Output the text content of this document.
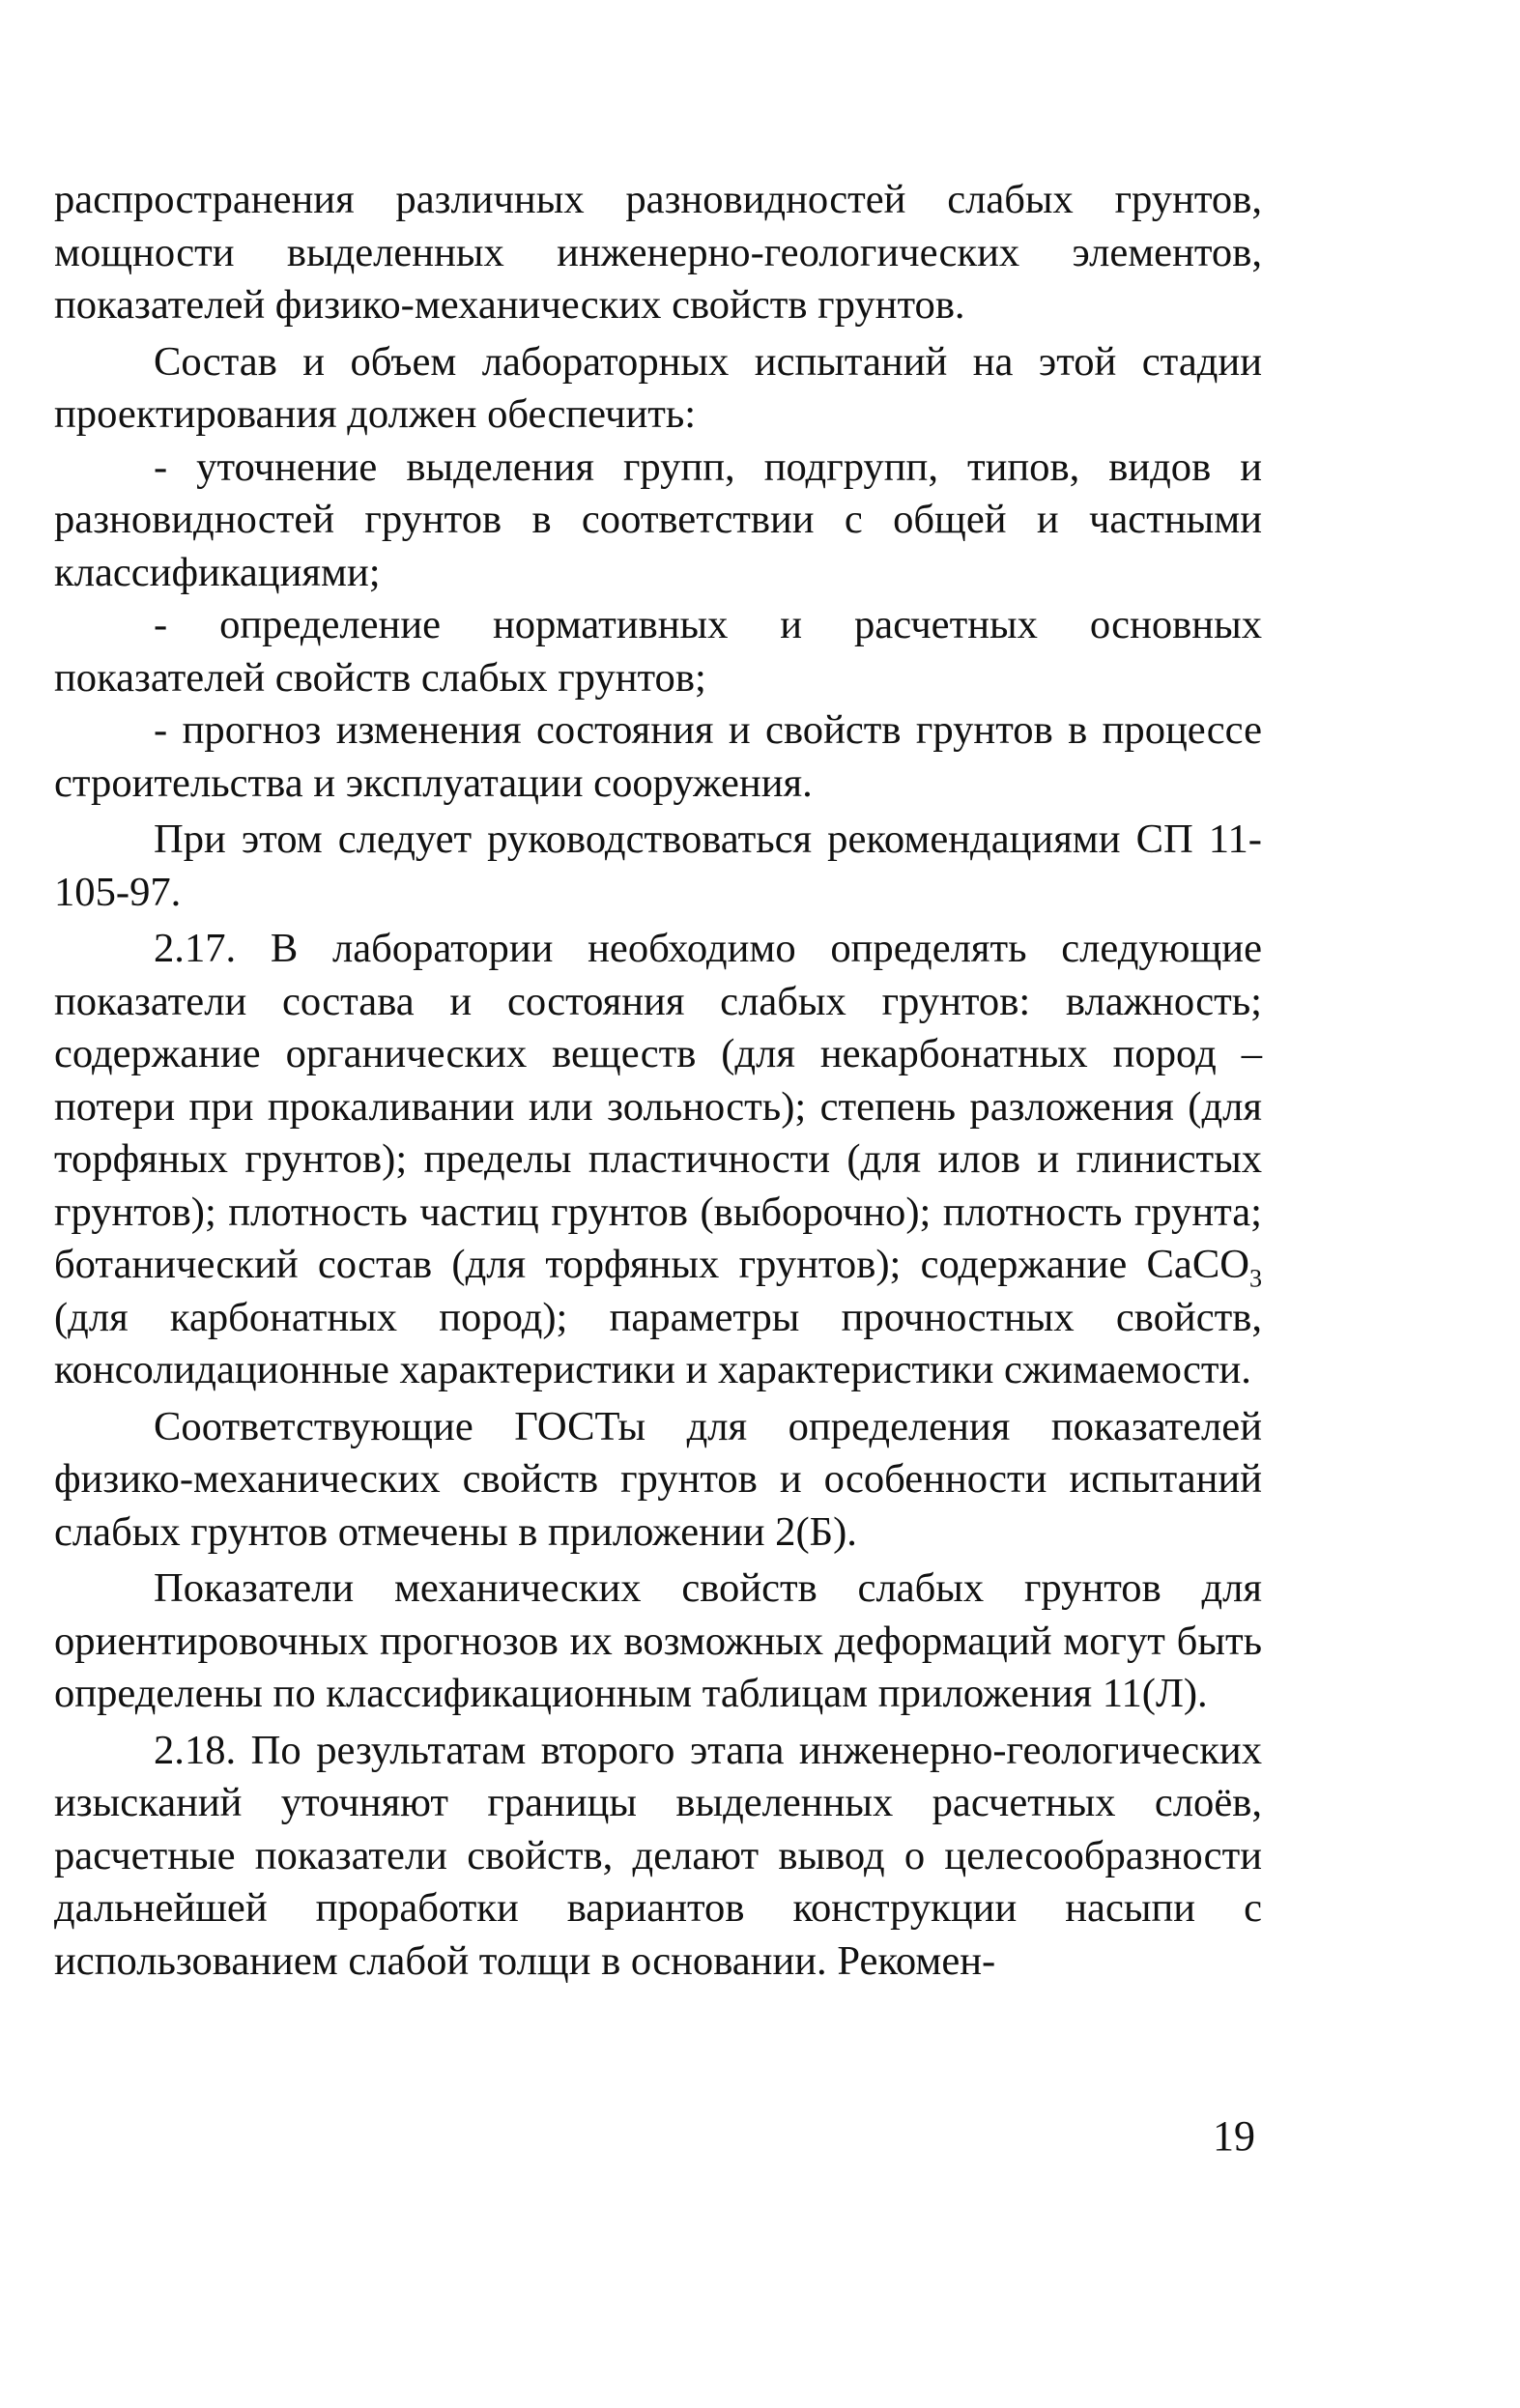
распространения различных разновидностей слабых грунтов, мощности выделенных инженерно-геологических элементов, показателей физико-механических свойств грунтов.

Состав и объем лабораторных испытаний на этой стадии проектирования должен обеспечить:

- уточнение выделения групп, подгрупп, типов, видов и разновидностей грунтов в соответствии с общей и частными классификациями;

- определение нормативных и расчетных основных показателей свойств слабых грунтов;

- прогноз изменения состояния и свойств грунтов в процессе строительства и эксплуатации сооружения.

При этом следует руководствоваться рекомендациями СП 11-105-97.

2.17. В лаборатории необходимо определять следующие показатели состава и состояния слабых грунтов: влажность; содержание органических веществ (для некарбонатных пород – потери при прокаливании или зольность); степень разложения (для торфяных грунтов); пределы пластичности (для илов и глинистых грунтов); плотность частиц грунтов (выборочно); плотность грунта; ботанический состав (для торфяных грунтов); содержание CaCO$_3$ (для карбонатных пород); параметры прочностных свойств, консолидационные характеристики и характеристики сжимаемости.

Соответствующие ГОСТы для определения показателей физико-механических свойств грунтов и особенности испытаний слабых грунтов отмечены в приложении 2(Б).

Показатели механических свойств слабых грунтов для ориентировочных прогнозов их возможных деформаций могут быть определены по классификационным таблицам приложения 11(Л).

2.18. По результатам второго этапа инженерно-геологических изысканий уточняют границы выделенных расчетных слоёв, расчетные показатели свойств, делают вывод о целесообразности дальнейшей проработки вариантов конструкции насыпи с использованием слабой толщи в основании. Рекомен-

19
